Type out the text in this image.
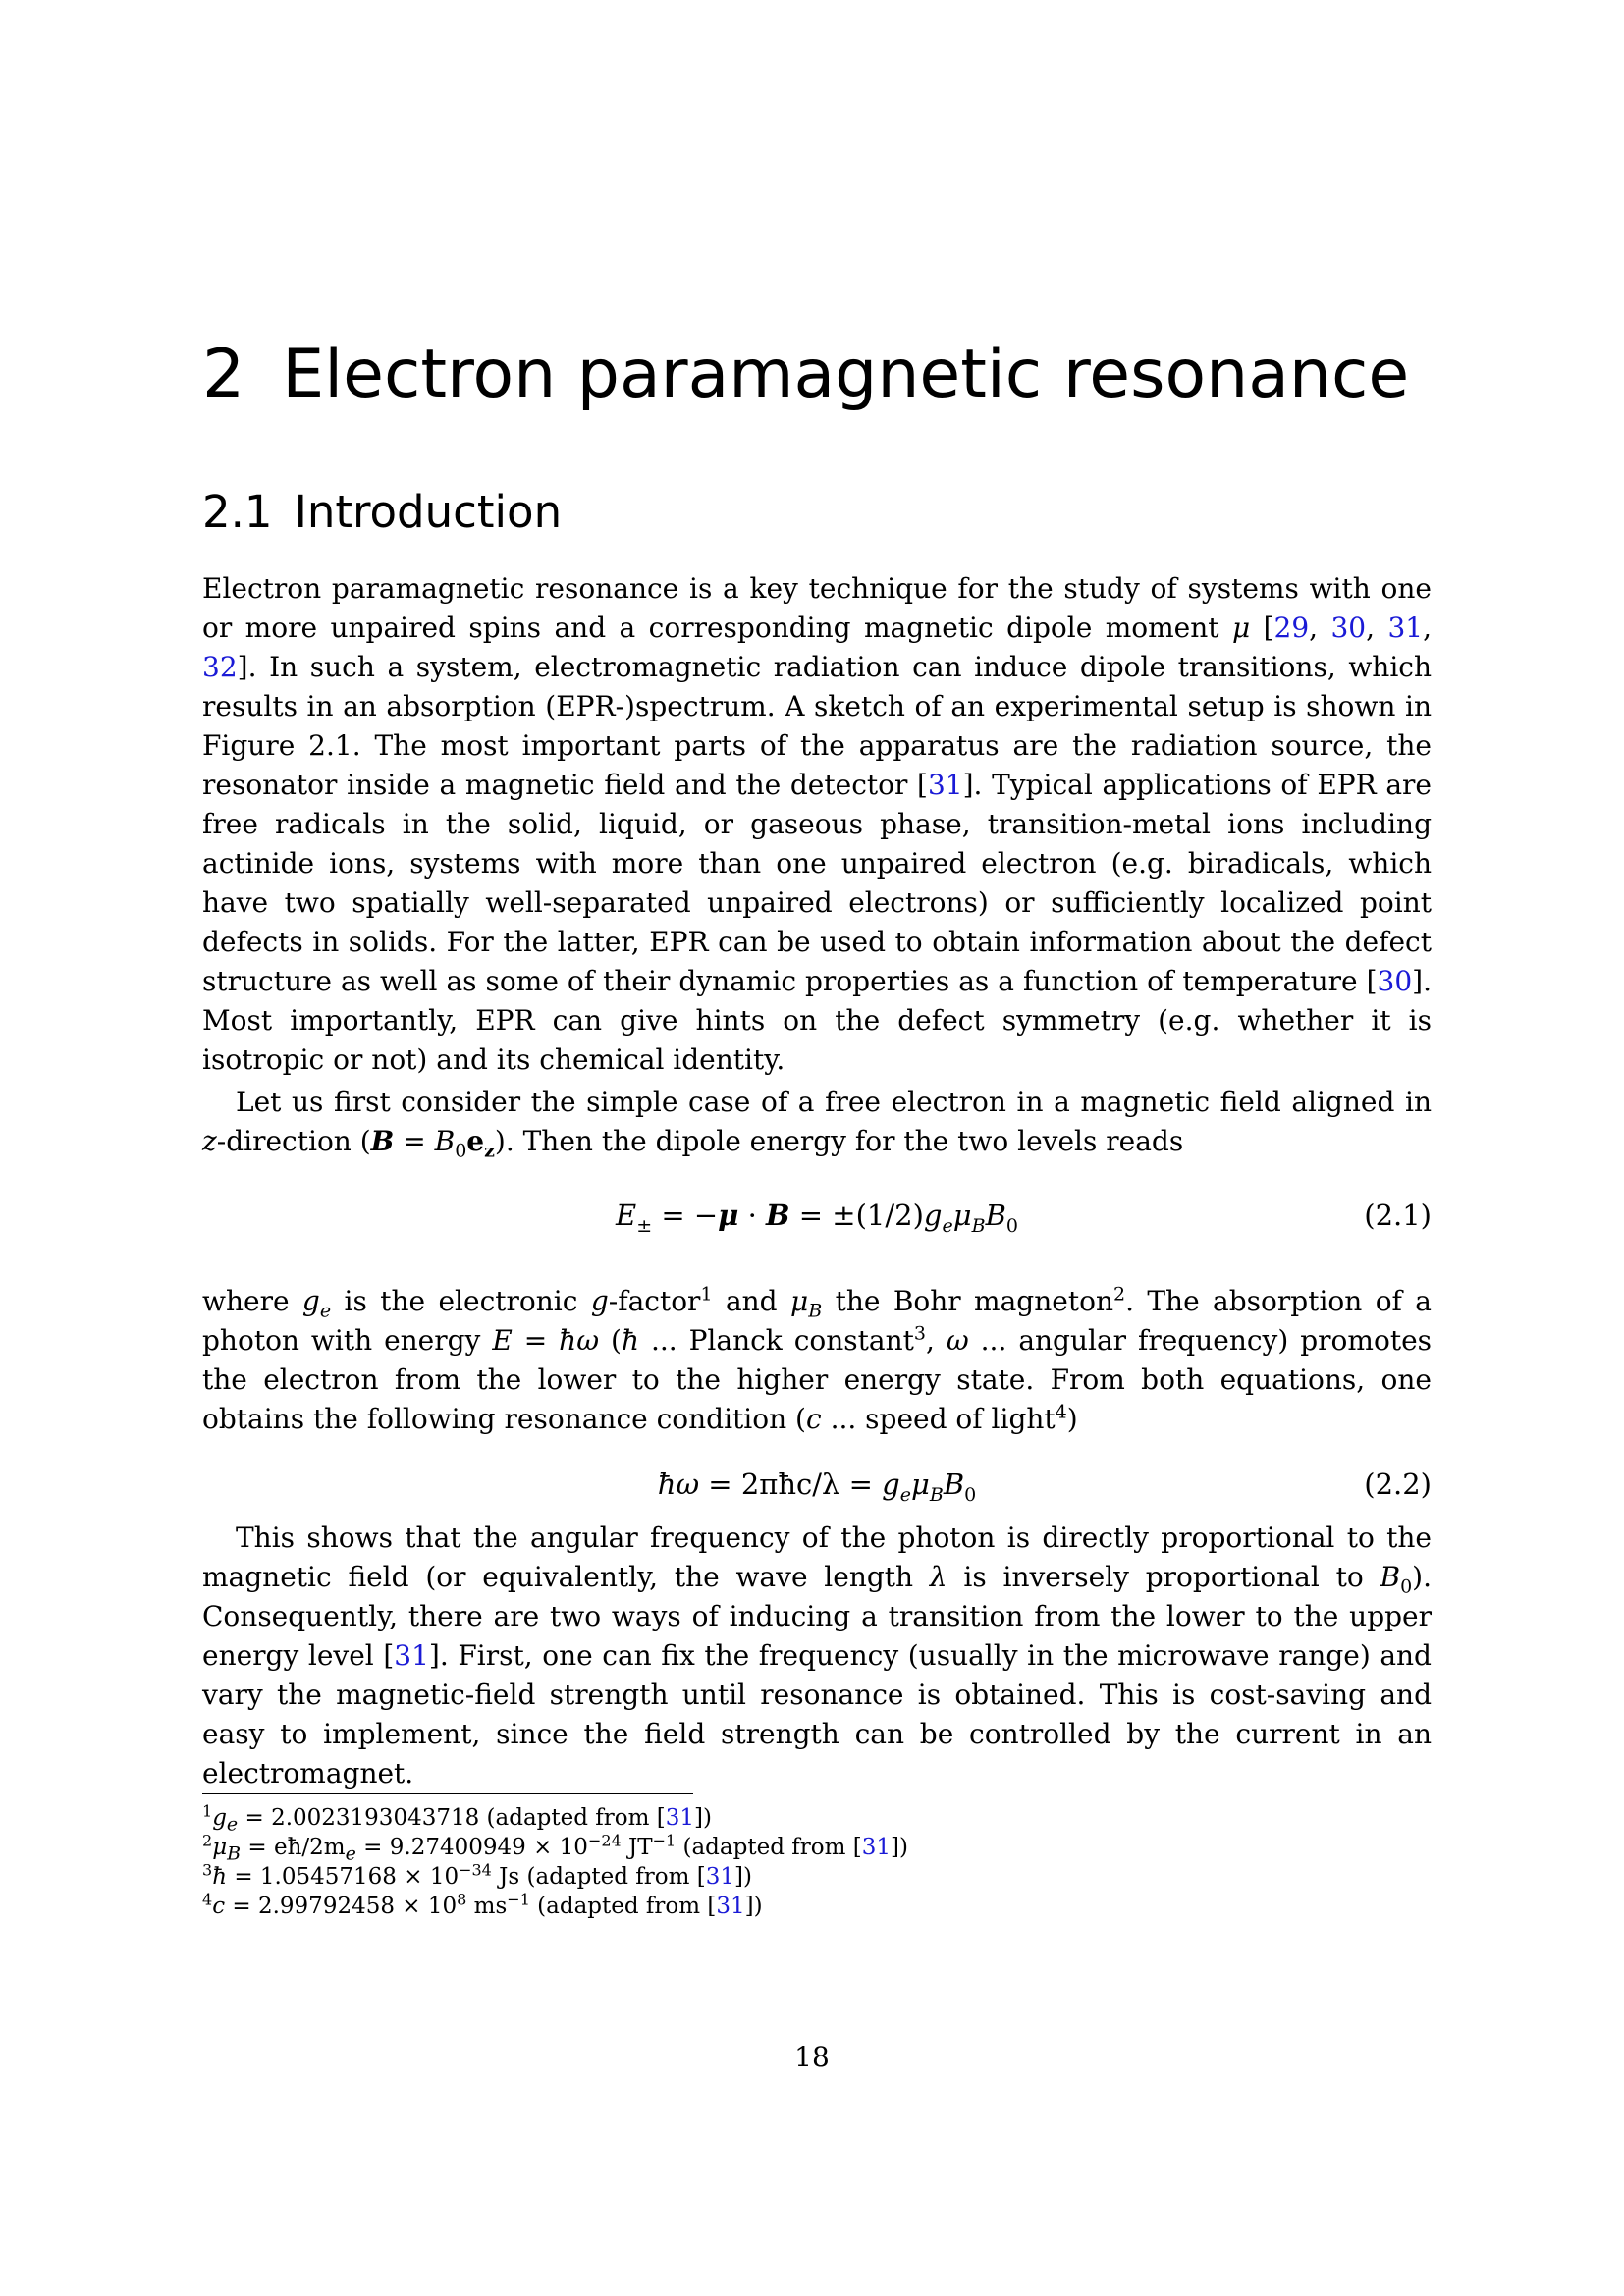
2 Electron paramagnetic resonance
2.1 Introduction

Electron paramagnetic resonance is a key technique for the study of systems with one or more unpaired spins and a corresponding magnetic dipole moment μ [29, 30, 31, 32]. In such a system, electromagnetic radiation can induce dipole transitions, which results in an absorption (EPR-)spectrum. A sketch of an experimental setup is shown in Figure 2.1. The most important parts of the apparatus are the radiation source, the resonator inside a magnetic field and the detector [31]. Typical applications of EPR are free radicals in the solid, liquid, or gaseous phase, transition-metal ions including actinide ions, systems with more than one unpaired electron (e.g. biradicals, which have two spatially well-separated unpaired electrons) or sufficiently localized point defects in solids. For the latter, EPR can be used to obtain information about the defect structure as well as some of their dynamic properties as a function of temperature [30]. Most importantly, EPR can give hints on the defect symmetry (e.g. whether it is isotropic or not) and its chemical identity.

Let us first consider the simple case of a free electron in a magnetic field aligned in z-direction $(B = B_0e_z)$. Then the dipole energy for the two levels reads

$E_\pm = -\mu \cdot B = \pm(1/2)g_e\mu_BB_0$	(2.1)

where $g_e$ is the electronic g-factor$^1$ and $\mu_B$ the Bohr magneton$^2$. The absorption of a photon with energy E = ħω (ħ ... Planck constant$^3$, ω ... angular frequency) promotes the electron from the lower to the higher energy state. From both equations, one obtains the following resonance condition (c ... speed of light$^4$)

ħω = 2πħc/λ = $g_e\mu_BB_0$	(2.2)

This shows that the angular frequency of the photon is directly proportional to the magnetic field (or equivalently, the wave length λ is inversely proportional to $B_0$). Consequently, there are two ways of inducing a transition from the lower to the upper energy level [31]. First, one can fix the frequency (usually in the microwave range) and vary the magnetic-field strength until resonance is obtained. This is cost-saving and easy to implement, since the field strength can be controlled by the current in an electromagnet.

$^1g_e = 2.0023193043718$ (adapted from [31])
$^2\mu_B$ = $eħ/2m_e = 9.27400949 \times 10^{-24}$ $JT^{-1}$ (adapted from [31])
$^3$ħ = $1.05457168 \times 10^{-34}$ Js (adapted from [31])
$^4c = 2.99792458 \times 10^8$ $ms^{-1}$ (adapted from [31])
18
